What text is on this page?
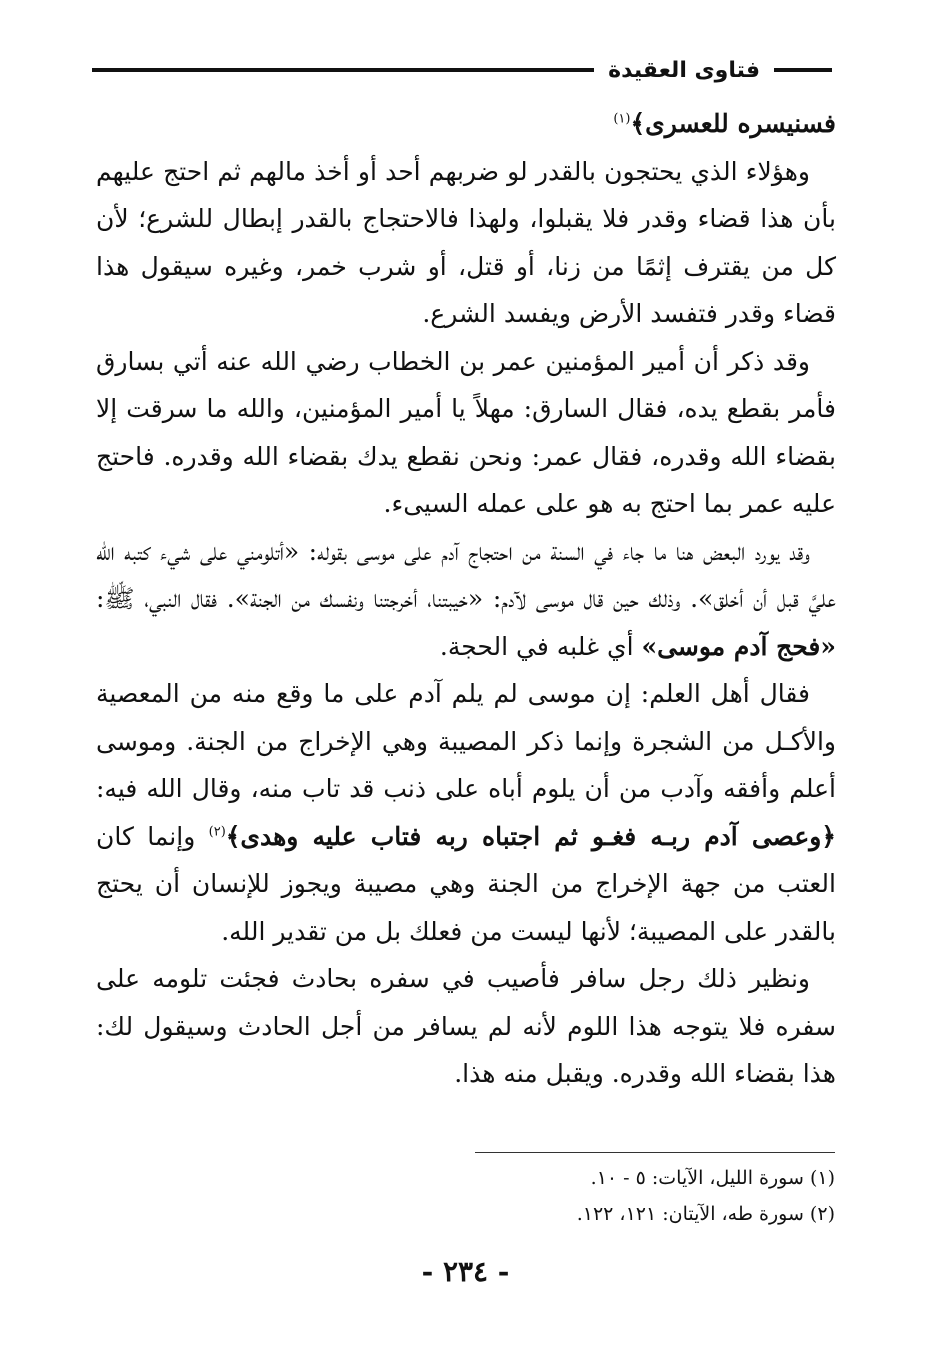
فتاوى العقيدة

فسنيسره للعسرى﴾$^{(١)}$

وهؤلاء الذي يحتجون بالقدر لو ضربهم أحد أو أخذ مالهم ثم احتج عليهم بأن هذا قضاء وقدر فلا يقبلوا، ولهذا فالاحتجاج بالقدر إبطال للشرع؛ لأن كل من يقترف إثمًا من زنا، أو قتل، أو شرب خمر، وغيره سيقول هذا قضاء وقدر فتفسد الأرض ويفسد الشرع.

وقد ذكر أن أمير المؤمنين عمر بن الخطاب رضي الله عنه أتي بسارق فأمر بقطع يده، فقال السارق: مهلاً يا أمير المؤمنين، والله ما سرقت إلا بقضاء الله وقدره، فقال عمر: ونحن نقطع يدك بقضاء الله وقدره. فاحتج عليه عمر بما احتج به هو على عمله السيىء.

وقد يورد البعض هنا ما جاء في السنة من احتجاج آدم على موسى بقوله: «أتلومني على شيء كتبه الله عليَّ قبل أن أخلق». وذلك حين قال موسى لآدم: «خيبتنا، أخرجتنا ونفسك من الجنة». فقال النبي، ﷺ: «فحج آدم موسى» أي غلبه في الحجة.

فقال أهل العلم: إن موسى لم يلم آدم على ما وقع منه من المعصية والأكـل من الشجرة وإنما ذكر المصيبة وهي الإخراج من الجنة. وموسى أعلم وأفقه وآدب من أن يلوم أباه على ذنب قد تاب منه، وقال الله فيه: ﴿وعصى آدم ربـه فغـو ثم اجتباه ربه فتاب عليه وهدى﴾$^{(٢)}$ وإنما كان العتب من جهة الإخراج من الجنة وهي مصيبة ويجوز للإنسان أن يحتج بالقدر على المصيبة؛ لأنها ليست من فعلك بل من تقدير الله.

ونظير ذلك رجل سافر فأصيب في سفره بحادث فجئت تلومه على سفره فلا يتوجه هذا اللوم لأنه لم يسافر من أجل الحادث وسيقول لك: هذا بقضاء الله وقدره. ويقبل منه هذا.

(١) سورة الليل، الآيات: ٥ - ١٠.
(٢) سورة طه، الآيتان: ١٢١، ١٢٢.
- ٢٣٤ -
